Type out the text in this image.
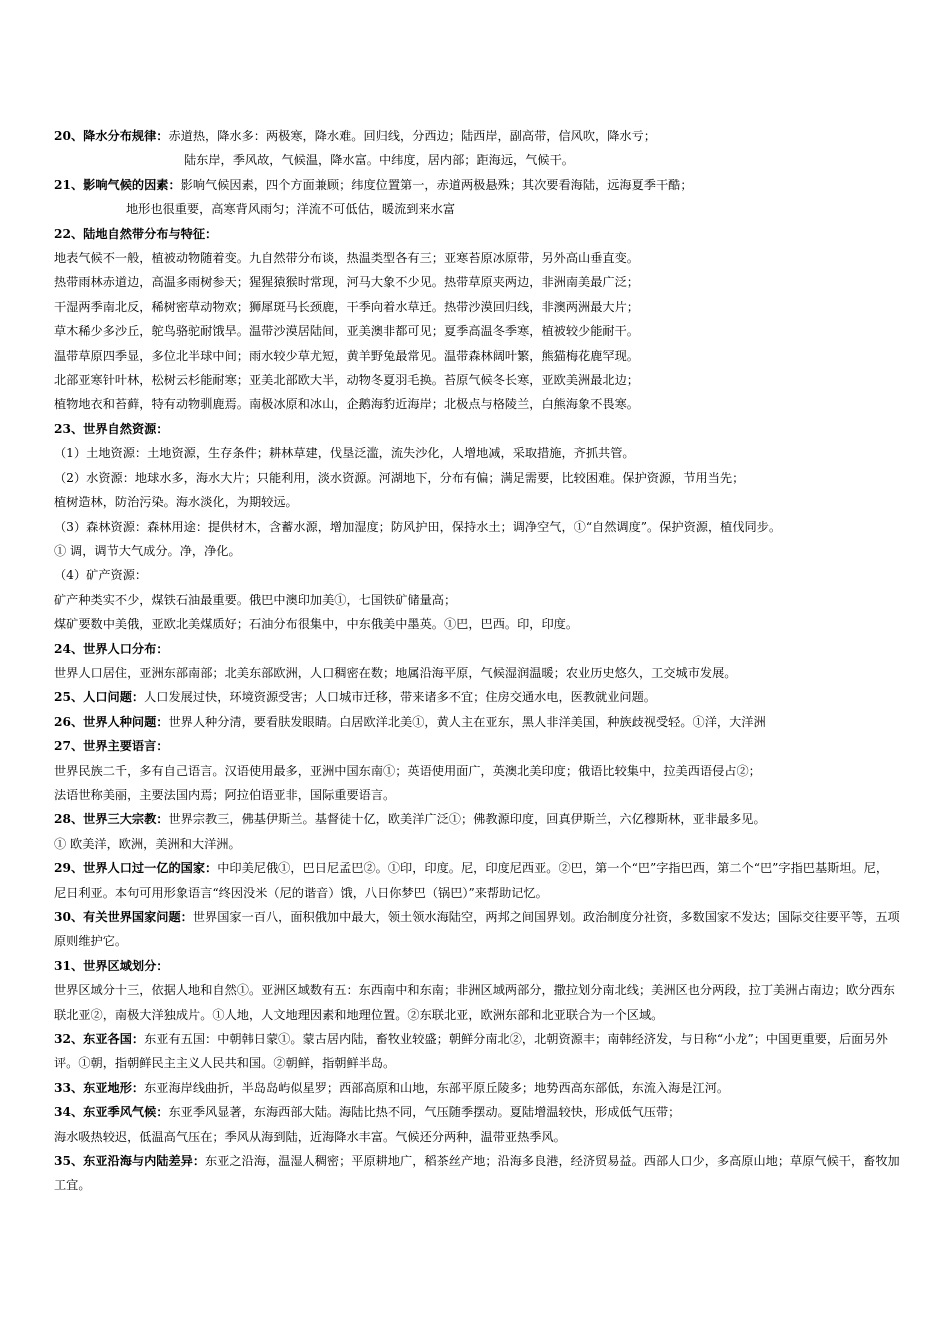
20、降水分布规律：赤道热，降水多：两极寒，降水难。回归线，分西边；陆西岸，副高带，信风吹，降水亏；
陆东岸，季风故，气候温，降水富。中纬度，居内部；距海远，气候干。
21、影响气候的因素：影响气候因素，四个方面兼顾；纬度位置第一，赤道两极悬殊；其次要看海陆，远海夏季干酷；
地形也很重要，高寒背风雨匀；洋流不可低估，暖流到来水富
22、陆地自然带分布与特征：
地表气候不一般，植被动物随着变。九自然带分布谈，热温类型各有三；亚寒苔原冰原带，另外高山垂直变。
热带雨林赤道边，高温多雨树参天；猩猩猿猴时常现，河马大象不少见。热带草原夹两边，非洲南美最广泛；
干湿两季南北反，稀树密草动物欢；狮犀斑马长颈鹿，干季向着水草迁。热带沙漠回归线，非澳两洲最大片；
草木稀少多沙丘，鸵鸟骆驼耐饿旱。温带沙漠居陆间，亚美澳非都可见；夏季高温冬季寒，植被较少能耐干。
温带草原四季显，多位北半球中间；雨水较少草尤短，黄羊野兔最常见。温带森林阔叶繁，熊猫梅花鹿罕现。
北部亚寒针叶林，松树云杉能耐寒；亚美北部欧大半，动物冬夏羽毛换。苔原气候冬长寒，亚欧美洲最北边；
植物地衣和苔藓，特有动物驯鹿焉。南极冰原和冰山，企鹅海豹近海岸；北极点与格陵兰，白熊海象不畏寒。
23、世界自然资源：
（1）土地资源：土地资源，生存条件；耕林草建，伐垦泛滥，流失沙化，人增地减，采取措施，齐抓共管。
（2）水资源：地球水多，海水大片；只能利用，淡水资源。河湖地下，分布有偏；满足需要，比较困难。保护资源，节用当先；
植树造林，防治污染。海水淡化，为期较远。
（3）森林资源：森林用途：提供材木，含蓄水源，增加湿度；防风护田，保持水土；调净空气，①“自然调度”。保护资源，植伐同步。
① 调，调节大气成分。净，净化。
（4）矿产资源：
矿产种类实不少，煤铁石油最重要。俄巴中澳印加美①，七国铁矿储量高；
煤矿要数中美俄，亚欧北美煤质好；石油分布很集中，中东俄美中墨英。①巴，巴西。印，印度。
24、世界人口分布：
世界人口居住，亚洲东部南部；北美东部欧洲，人口稠密在数；地属沿海平原，气候湿润温暖；农业历史悠久，工交城市发展。
25、人口问题：人口发展过快，环境资源受害；人口城市迁移，带来诸多不宜；住房交通水电，医教就业问题。
26、世界人种问题：世界人种分清，要看肤发眼睛。白居欧洋北美①，黄人主在亚东，黑人非洋美国，种族歧视受轻。①洋，大洋洲
27、世界主要语言：
世界民族二千，多有自己语言。汉语使用最多，亚洲中国东南①；英语使用面广，英澳北美印度；俄语比较集中，拉美西语侵占②；
法语世称美丽，主要法国内焉；阿拉伯语亚非，国际重要语言。
28、世界三大宗教：世界宗教三，佛基伊斯兰。基督徒十亿，欧美洋广泛①；佛教源印度，回真伊斯兰，六亿穆斯林，亚非最多见。
① 欧美洋，欧洲，美洲和大洋洲。
29、世界人口过一亿的国家：中印美尼俄①，巴日尼孟巴②。①印，印度。尼，印度尼西亚。②巴，第一个“巴”字指巴西，第二个“巴”字指巴基斯坦。尼，尼日利亚。本句可用形象语言“终因没米（尼的谐音）饿，八日你梦巴（锅巴）”来帮助记忆。
30、有关世界国家问题：世界国家一百八，面积俄加中最大，领土领水海陆空，两邦之间国界划。政治制度分社资，多数国家不发达；国际交往要平等，五项原则维护它。
31、世界区域划分：
世界区域分十三，依据人地和自然①。亚洲区域数有五：东西南中和东南；非洲区域两部分，撒拉划分南北线；美洲区也分两段，拉丁美洲占南边；欧分西东联北亚②，南极大洋独成片。①人地，人文地理因素和地理位置。②东联北亚，欧洲东部和北亚联合为一个区域。
32、东亚各国：东亚有五国：中朝韩日蒙①。蒙古居内陆，畜牧业较盛；朝鲜分南北②，北朝资源丰；南韩经济发，与日称“小龙”；中国更重要，后面另外评。①朝，指朝鲜民主主义人民共和国。②朝鲜，指朝鲜半岛。
33、东亚地形：东亚海岸线曲折，半岛岛屿似星罗；西部高原和山地，东部平原丘陵多；地势西高东部低，东流入海是江河。
34、东亚季风气候：东亚季风显著，东海西部大陆。海陆比热不同，气压随季摆动。夏陆增温较快，形成低气压带；
海水吸热较迟，低温高气压在；季风从海到陆，近海降水丰富。气候还分两种，温带亚热季风。
35、东亚沿海与内陆差异：东亚之沿海，温湿人稠密；平原耕地广，稻茶丝产地；沿海多良港，经济贸易益。西部人口少，多高原山地；草原气候干，畜牧加工宜。
